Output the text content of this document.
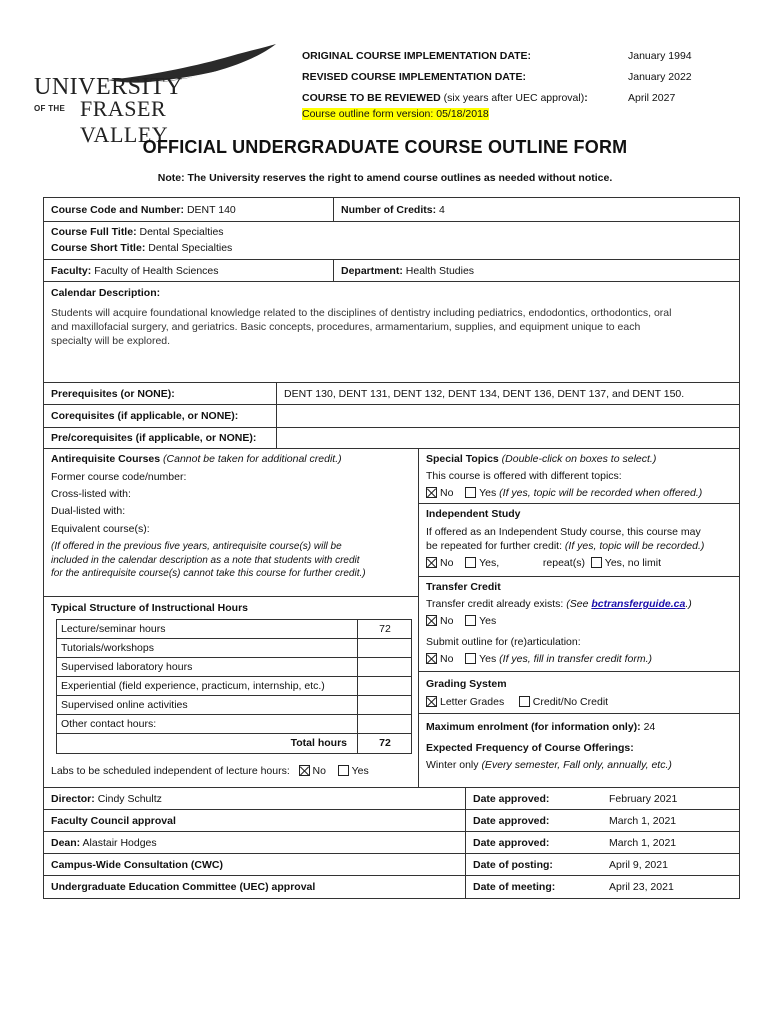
UNIVERSITY
OF THE FRASER VALLEY
ORIGINAL COURSE IMPLEMENTATION DATE:	January 1994
REVISED COURSE IMPLEMENTATION DATE:	January 2022
COURSE TO BE REVIEWED (six years after UEC approval):	April 2027
Course outline form version: 05/18/2018
OFFICIAL UNDERGRADUATE COURSE OUTLINE FORM
Note: The University reserves the right to amend course outlines as needed without notice.
Course Code and Number: DENT 140	Number of Credits: 4
Course Full Title: Dental Specialties
Course Short Title: Dental Specialties
Faculty: Faculty of Health Sciences	Department: Health Studies
Calendar Description:
Students will acquire foundational knowledge related to the disciplines of dentistry including pediatrics, endodontics, orthodontics, oral
and maxillofacial surgery, and geriatrics. Basic concepts, procedures, armamentarium, supplies, and equipment unique to each
specialty will be explored.
Prerequisites (or NONE):	DENT 130, DENT 131, DENT 132, DENT 134, DENT 136, DENT 137, and DENT 150.
Corequisites (if applicable, or NONE):
Pre/corequisites (if applicable, or NONE):
Antirequisite Courses (Cannot be taken for additional credit.)
Former course code/number:
Cross-listed with:
Dual-listed with:
Equivalent course(s):
(If offered in the previous five years, antirequisite course(s) will be
included in the calendar description as a note that students with credit
for the antirequisite course(s) cannot take this course for further credit.)
Typical Structure of Instructional Hours
Lecture/seminar hours	72
Tutorials/workshops
Supervised laboratory hours
Experiential (field experience, practicum, internship, etc.)
Supervised online activities
Other contact hours:
Total hours	72
Labs to be scheduled independent of lecture hours: No Yes
Special Topics (Double-click on boxes to select.)
This course is offered with different topics:
No Yes (If yes, topic will be recorded when offered.)
Independent Study
If offered as an Independent Study course, this course may
be repeated for further credit: (If yes, topic will be recorded.)
No Yes,	repeat(s) Yes, no limit
Transfer Credit
Transfer credit already exists: (See bctransferguide.ca.)
No Yes
Submit outline for (re)articulation:
No Yes (If yes, fill in transfer credit form.)
Grading System
Letter Grades	Credit/No Credit
Maximum enrolment (for information only): 24
Expected Frequency of Course Offerings:
Winter only (Every semester, Fall only, annually, etc.)
Director: Cindy Schultz	Date approved:	February 2021
Faculty Council approval	Date approved:	March 1, 2021
Dean: Alastair Hodges	Date approved:	March 1, 2021
Campus-Wide Consultation (CWC)	Date of posting:	April 9, 2021
Undergraduate Education Committee (UEC) approval	Date of meeting:	April 23, 2021
